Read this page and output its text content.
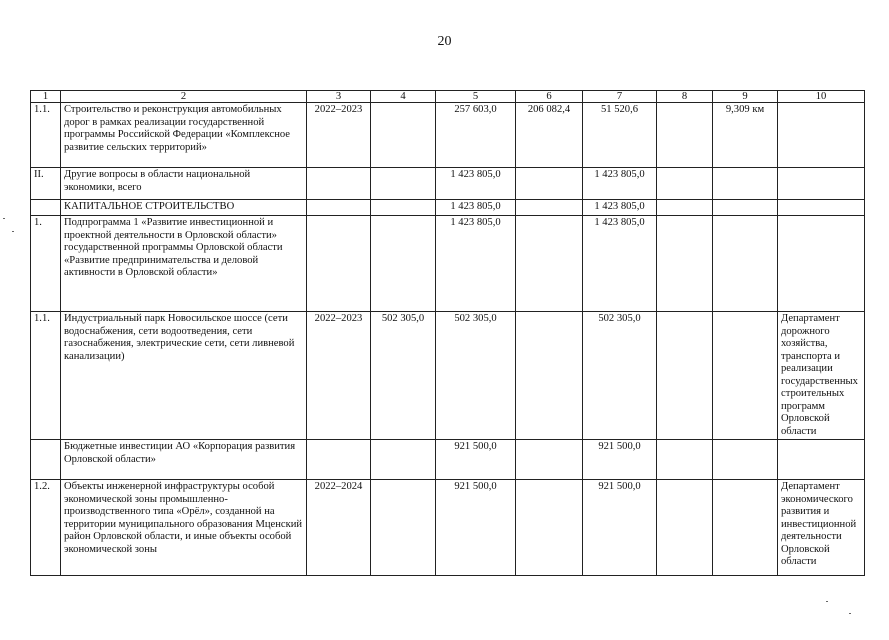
20
1	2	3	4	5	6	7	8	9	10
1.1.	Строительство и реконструкция автомобильных дорог в рамках реализации государственной программы Российской Федерации «Комплексное развитие сельских территорий»	2022–2023		257 603,0	206 082,4	51 520,6		9,309 км	
II.	Другие вопросы в области национальной экономики, всего			1 423 805,0		1 423 805,0			
	КАПИТАЛЬНОЕ СТРОИТЕЛЬСТВО			1 423 805,0		1 423 805,0			
1.	Подпрограмма 1 «Развитие инвестиционной и проектной деятельности в Орловской области» государственной программы Орловской области «Развитие предпринимательства и деловой активности в Орловской области»			1 423 805,0		1 423 805,0			
1.1.	Индустриальный парк Новосильское шоссе (сети водоснабжения, сети водоотведения, сети газоснабжения, электрические сети, сети ливневой канализации)	2022–2023	502 305,0	502 305,0		502 305,0			Департамент дорожного хозяйства, транспорта и реализации государственных строительных программ Орловской области
	Бюджетные инвестиции АО «Корпорация развития Орловской области»			921 500,0		921 500,0			
1.2.	Объекты инженерной инфраструктуры особой экономической зоны промышленно-производственного типа «Орёл», созданной на территории муниципального образования Мценский район Орловской области, и иные объекты особой экономической зоны	2022–2024		921 500,0		921 500,0			Департамент экономического развития и инвестиционной деятельности Орловской области
